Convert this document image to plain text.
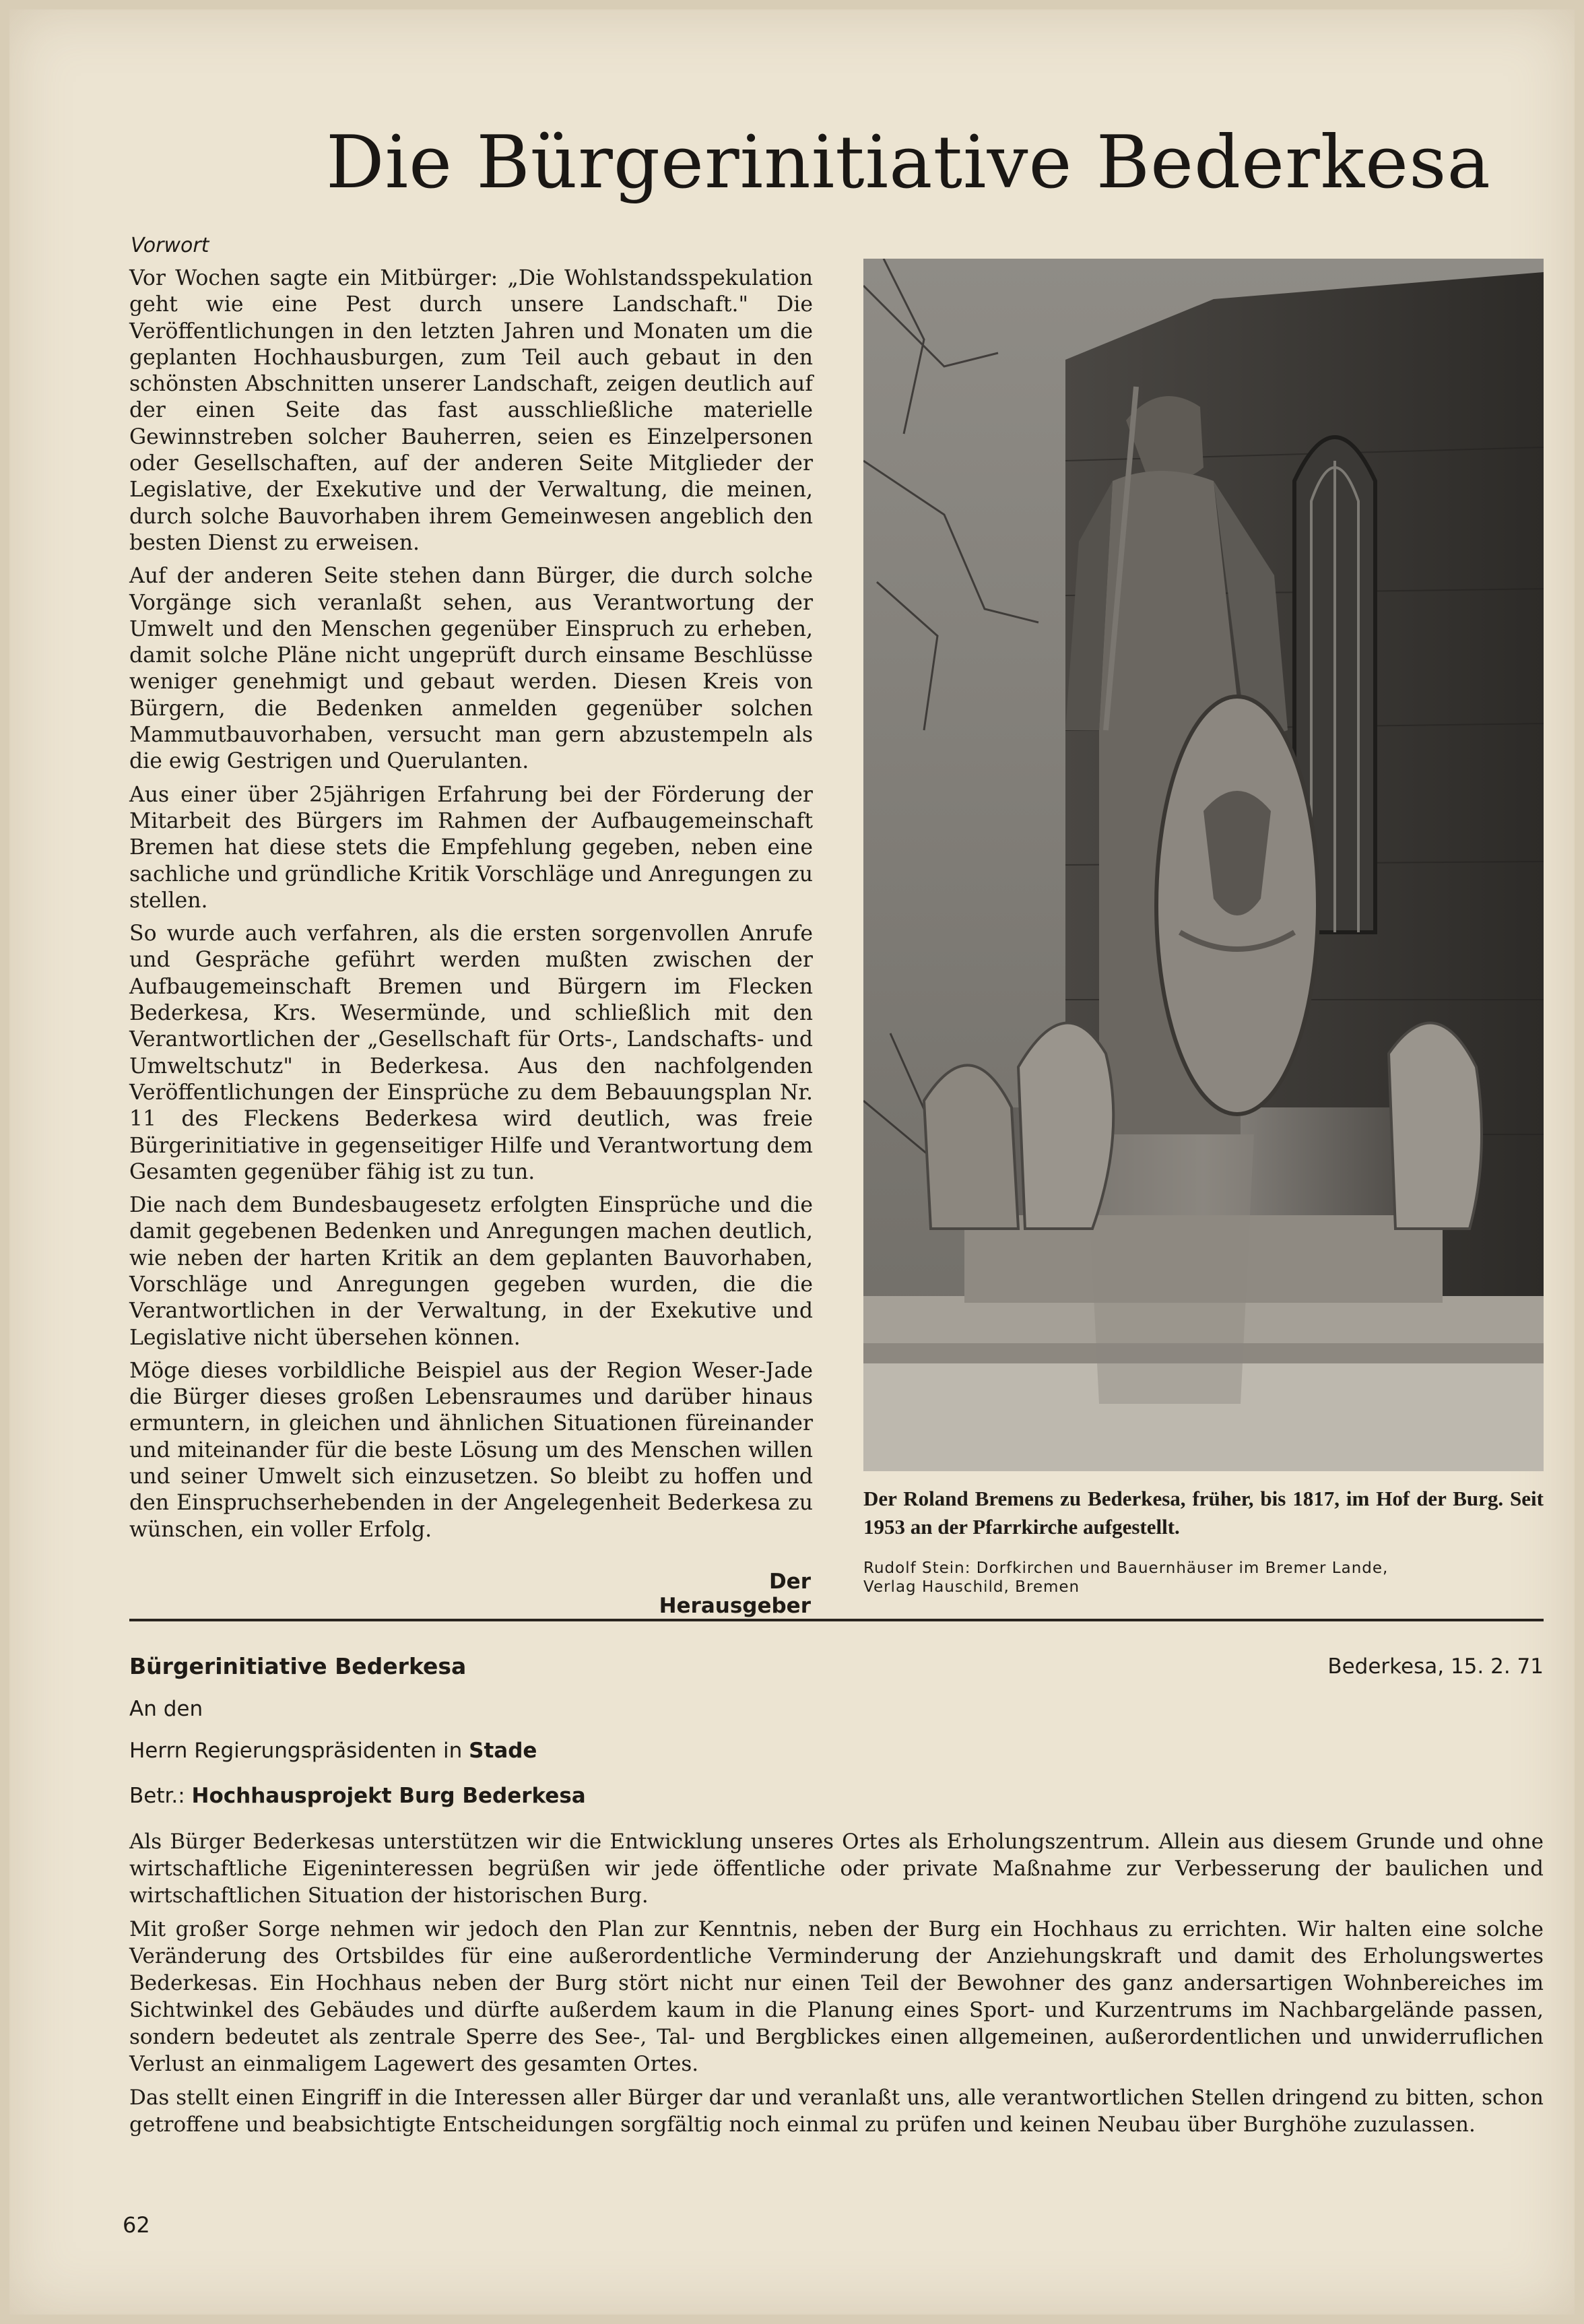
Die Bürgerinitiative Bederkesa
Vorwort

Vor Wochen sagte ein Mitbürger: „Die Wohlstandsspekulation geht wie eine Pest durch unsere Landschaft." Die Veröffentlichungen in den letzten Jahren und Monaten um die geplanten Hochhausburgen, zum Teil auch gebaut in den schönsten Abschnitten unserer Landschaft, zeigen deutlich auf der einen Seite das fast ausschließliche materielle Gewinnstreben solcher Bauherren, seien es Einzelpersonen oder Gesellschaften, auf der anderen Seite Mitglieder der Legislative, der Exekutive und der Verwaltung, die meinen, durch solche Bauvorhaben ihrem Gemeinwesen angeblich den besten Dienst zu erweisen.

Auf der anderen Seite stehen dann Bürger, die durch solche Vorgänge sich veranlaßt sehen, aus Verantwortung der Umwelt und den Menschen gegenüber Einspruch zu erheben, damit solche Pläne nicht ungeprüft durch einsame Beschlüsse weniger genehmigt und gebaut werden. Diesen Kreis von Bürgern, die Bedenken anmelden gegenüber solchen Mammutbauvorhaben, versucht man gern abzustempeln als die ewig Gestrigen und Querulanten.

Aus einer über 25jährigen Erfahrung bei der Förderung der Mitarbeit des Bürgers im Rahmen der Aufbaugemeinschaft Bremen hat diese stets die Empfehlung gegeben, neben eine sachliche und gründliche Kritik Vorschläge und Anregungen zu stellen.

So wurde auch verfahren, als die ersten sorgenvollen Anrufe und Gespräche geführt werden mußten zwischen der Aufbaugemeinschaft Bremen und Bürgern im Flecken Bederkesa, Krs. Wesermünde, und schließlich mit den Verantwortlichen der „Gesellschaft für Orts-, Landschafts- und Umweltschutz" in Bederkesa. Aus den nachfolgenden Veröffentlichungen der Einsprüche zu dem Bebauungsplan Nr. 11 des Fleckens Bederkesa wird deutlich, was freie Bürgerinitiative in gegenseitiger Hilfe und Verantwortung dem Gesamten gegenüber fähig ist zu tun.

Die nach dem Bundesbaugesetz erfolgten Einsprüche und die damit gegebenen Bedenken und Anregungen machen deutlich, wie neben der harten Kritik an dem geplanten Bauvorhaben, Vorschläge und Anregungen gegeben wurden, die die Verantwortlichen in der Verwaltung, in der Exekutive und Legislative nicht übersehen können.

Möge dieses vorbildliche Beispiel aus der Region Weser-Jade die Bürger dieses großen Lebensraumes und darüber hinaus ermuntern, in gleichen und ähnlichen Situationen füreinander und miteinander für die beste Lösung um des Menschen willen und seiner Umwelt sich einzusetzen. So bleibt zu hoffen und den Einspruchserhebenden in der Angelegenheit Bederkesa zu wünschen, ein voller Erfolg.

Der Herausgeber
Der Roland Bremens zu Bederkesa, früher, bis 1817, im Hof der Burg. Seit 1953 an der Pfarrkirche aufgestellt.
Rudolf Stein: Dorfkirchen und Bauernhäuser im Bremer Lande,
Verlag Hauschild, Bremen
Bürgerinitiative Bederkesa	Bederkesa, 15. 2. 71
An den
Herrn Regierungspräsidenten in Stade
Betr.: Hochhausprojekt Burg Bederkesa

Als Bürger Bederkesas unterstützen wir die Entwicklung unseres Ortes als Erholungszentrum. Allein aus diesem Grunde und ohne wirtschaftliche Eigeninteressen begrüßen wir jede öffentliche oder private Maßnahme zur Verbesserung der baulichen und wirtschaftlichen Situation der historischen Burg.

Mit großer Sorge nehmen wir jedoch den Plan zur Kenntnis, neben der Burg ein Hochhaus zu errichten. Wir halten eine solche Veränderung des Ortsbildes für eine außerordentliche Verminderung der Anziehungskraft und damit des Erholungswertes Bederkesas. Ein Hochhaus neben der Burg stört nicht nur einen Teil der Bewohner des ganz andersartigen Wohnbereiches im Sichtwinkel des Gebäudes und dürfte außerdem kaum in die Planung eines Sport- und Kurzentrums im Nachbargelände passen, sondern bedeutet als zentrale Sperre des See-, Tal- und Bergblickes einen allgemeinen, außerordentlichen und unwiderruflichen Verlust an einmaligem Lagewert des gesamten Ortes.

Das stellt einen Eingriff in die Interessen aller Bürger dar und veranlaßt uns, alle verantwortlichen Stellen dringend zu bitten, schon getroffene und beabsichtigte Entscheidungen sorgfältig noch einmal zu prüfen und keinen Neubau über Burghöhe zuzulassen.

62
